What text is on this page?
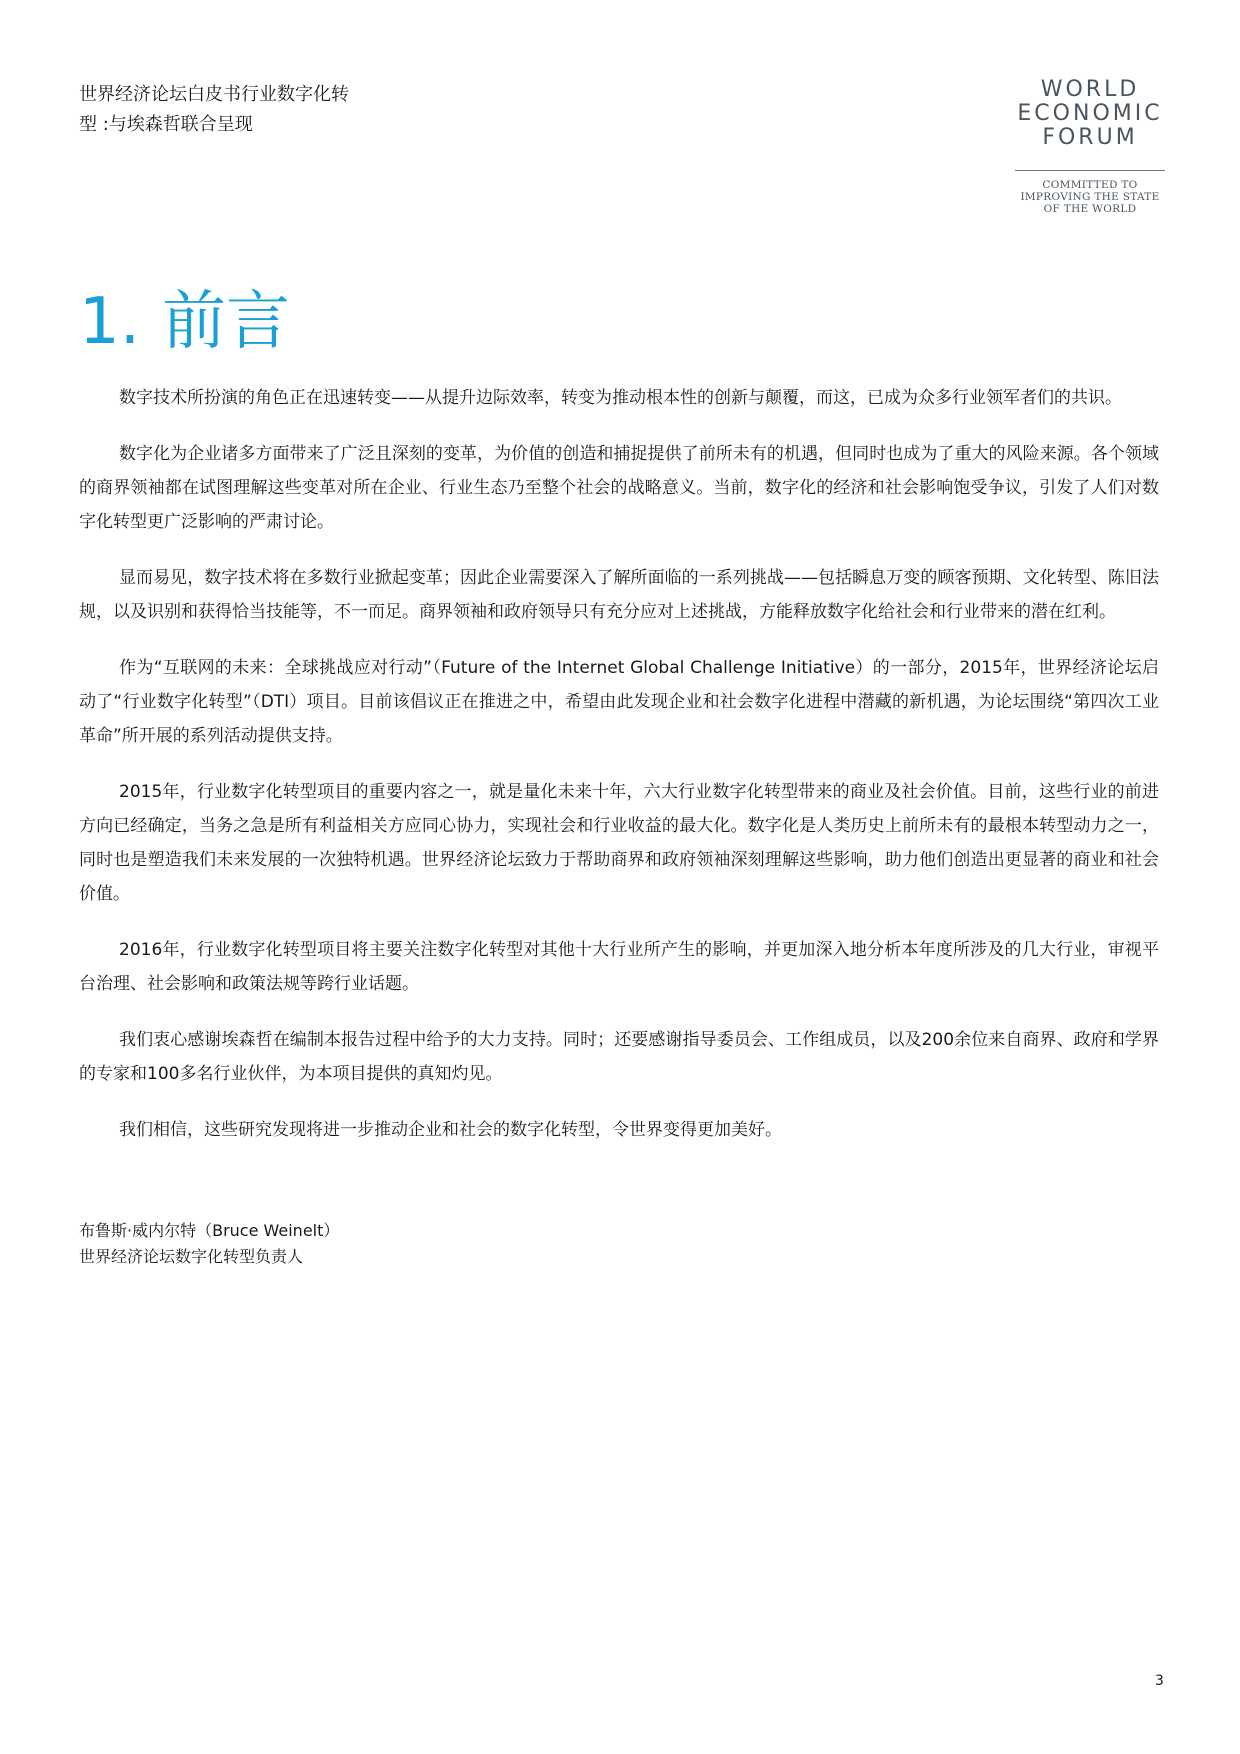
世界经济论坛白皮书行业数字化转
型 :与埃森哲联合呈现
WORLD
ECONOMIC
FORUM
COMMITTED TO
IMPROVING THE STATE
OF THE WORLD
1. 前言

数字技术所扮演的角色正在迅速转变——从提升边际效率，转变为推动根本性的创新与颠覆，而这，已成为众多行业领军者们的共识。

数字化为企业诸多方面带来了广泛且深刻的变革，为价值的创造和捕捉提供了前所未有的机遇，但同时也成为了重大的风险来源。各个领域的商界领袖都在试图理解这些变革对所在企业、行业生态乃至整个社会的战略意义。当前，数字化的经济和社会影响饱受争议，引发了人们对数字化转型更广泛影响的严肃讨论。

显而易见，数字技术将在多数行业掀起变革；因此企业需要深入了解所面临的一系列挑战——包括瞬息万变的顾客预期、文化转型、陈旧法规，以及识别和获得恰当技能等，不一而足。商界领袖和政府领导只有充分应对上述挑战，方能释放数字化给社会和行业带来的潜在红利。

作为“互联网的未来：全球挑战应对行动”（Future of the Internet Global Challenge Initiative）的一部分，2015年，世界经济论坛启动了“行业数字化转型”（DTI）项目。目前该倡议正在推进之中，希望由此发现企业和社会数字化进程中潜藏的新机遇，为论坛围绕“第四次工业革命”所开展的系列活动提供支持。

2015年，行业数字化转型项目的重要内容之一，就是量化未来十年，六大行业数字化转型带来的商业及社会价值。目前，这些行业的前进方向已经确定，当务之急是所有利益相关方应同心协力，实现社会和行业收益的最大化。数字化是人类历史上前所未有的最根本转型动力之一，同时也是塑造我们未来发展的一次独特机遇。世界经济论坛致力于帮助商界和政府领袖深刻理解这些影响，助力他们创造出更显著的商业和社会价值。

2016年，行业数字化转型项目将主要关注数字化转型对其他十大行业所产生的影响，并更加深入地分析本年度所涉及的几大行业，审视平台治理、社会影响和政策法规等跨行业话题。

我们衷心感谢埃森哲在编制本报告过程中给予的大力支持。同时；还要感谢指导委员会、工作组成员，以及200余位来自商界、政府和学界的专家和100多名行业伙伴，为本项目提供的真知灼见。

我们相信，这些研究发现将进一步推动企业和社会的数字化转型，令世界变得更加美好。

布鲁斯·威内尔特（Bruce Weinelt）
世界经济论坛数字化转型负责人
3
